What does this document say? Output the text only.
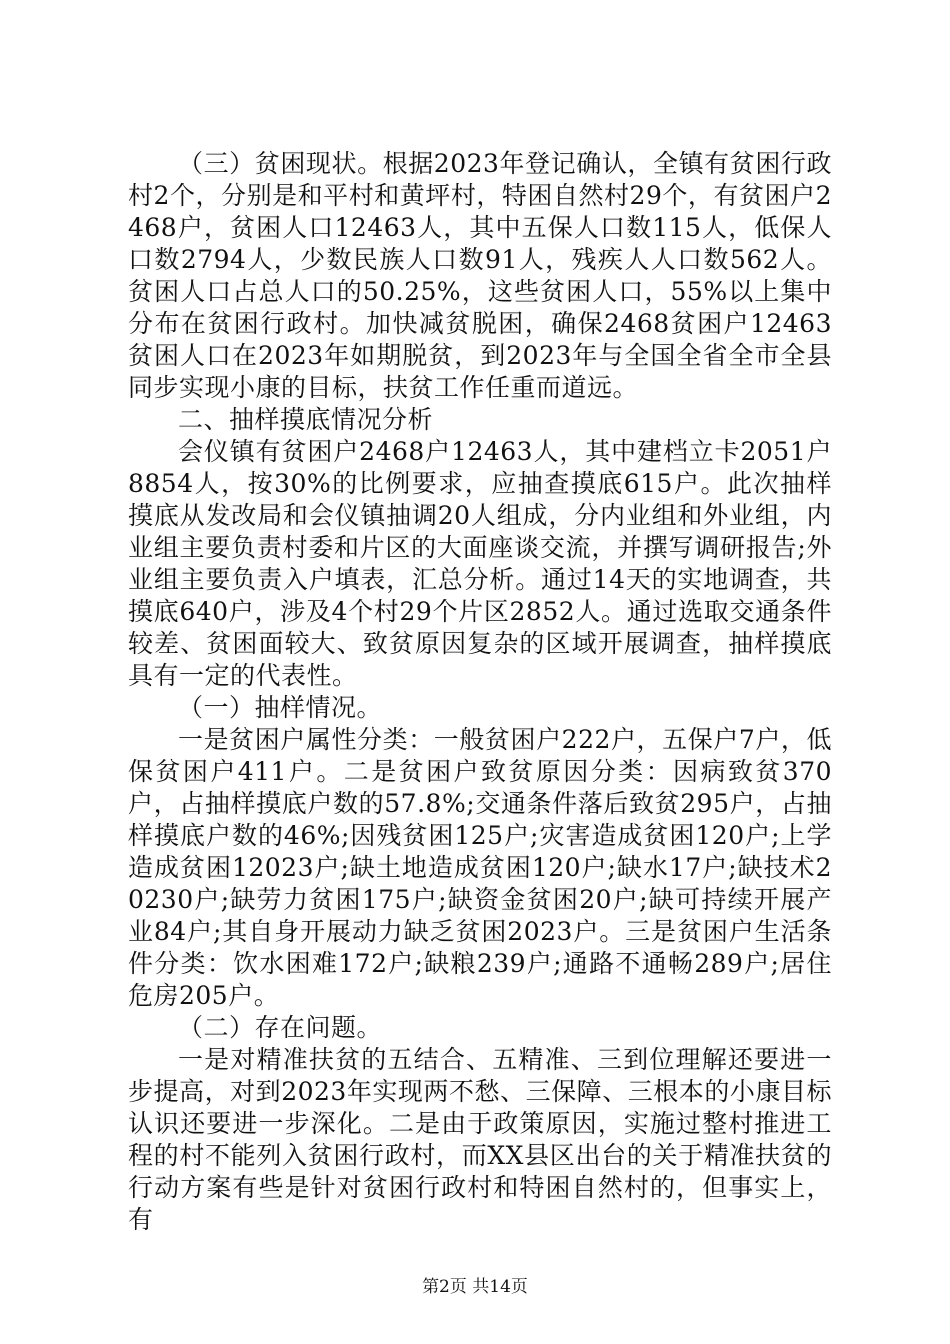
（三）贫困现状。根据2023年登记确认，全镇有贫困行政村2个，分别是和平村和黄坪村，特困自然村29个，有贫困户2468户，贫困人口12463人，其中五保人口数115人，低保人口数2794人，少数民族人口数91人，残疾人人口数562人。贫困人口占总人口的50.25%，这些贫困人口，55%以上集中分布在贫困行政村。加快减贫脱困，确保2468贫困户12463贫困人口在2023年如期脱贫，到2023年与全国全省全市全县同步实现小康的目标，扶贫工作任重而道远。

二、抽样摸底情况分析

会仪镇有贫困户2468户12463人，其中建档立卡2051户8854人，按30%的比例要求，应抽查摸底615户。此次抽样摸底从发改局和会仪镇抽调20人组成，分内业组和外业组，内业组主要负责村委和片区的大面座谈交流，并撰写调研报告;外业组主要负责入户填表，汇总分析。通过14天的实地调查，共摸底640户，涉及4个村29个片区2852人。通过选取交通条件较差、贫困面较大、致贫原因复杂的区域开展调查，抽样摸底具有一定的代表性。

（一）抽样情况。

一是贫困户属性分类：一般贫困户222户，五保户7户，低保贫困户411户。二是贫困户致贫原因分类：因病致贫370户，占抽样摸底户数的57.8%;交通条件落后致贫295户，占抽样摸底户数的46%;因残贫困125户;灾害造成贫困120户;上学造成贫困12023户;缺土地造成贫困120户;缺水17户;缺技术20230户;缺劳力贫困175户;缺资金贫困20户;缺可持续开展产业84户;其自身开展动力缺乏贫困2023户。三是贫困户生活条件分类：饮水困难172户;缺粮239户;通路不通畅289户;居住危房205户。

（二）存在问题。

一是对精准扶贫的五结合、五精准、三到位理解还要进一步提高，对到2023年实现两不愁、三保障、三根本的小康目标认识还要进一步深化。二是由于政策原因，实施过整村推进工程的村不能列入贫困行政村，而XX县区出台的关于精准扶贫的行动方案有些是针对贫困行政村和特困自然村的，但事实上，有

第2页 共14页
